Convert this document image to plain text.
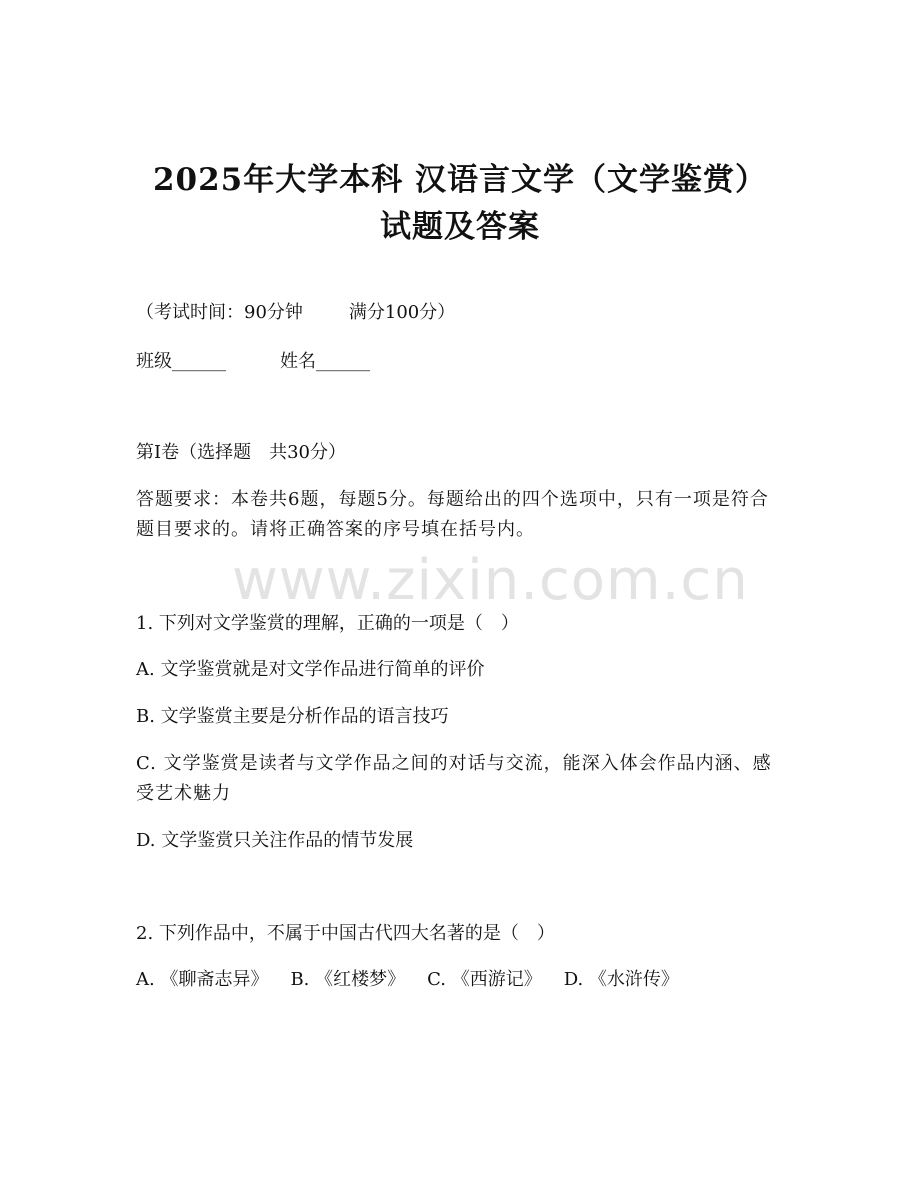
2025年大学本科 汉语言文学（文学鉴赏）
试题及答案
（考试时间：90分钟	满分100分）
班级______	姓名______
第Ⅰ卷（选择题　共30分）
答题要求：本卷共6题，每题5分。每题给出的四个选项中，只有一项是符合题目要求的。请将正确答案的序号填在括号内。
www.zixin.com.cn
1. 下列对文学鉴赏的理解，正确的一项是（　）
A. 文学鉴赏就是对文学作品进行简单的评价
B. 文学鉴赏主要是分析作品的语言技巧
C. 文学鉴赏是读者与文学作品之间的对话与交流，能深入体会作品内涵、感受艺术魅力
D. 文学鉴赏只关注作品的情节发展
2. 下列作品中，不属于中国古代四大名著的是（　）
A. 《聊斋志异》 B. 《红楼梦》 C. 《西游记》 D. 《水浒传》
